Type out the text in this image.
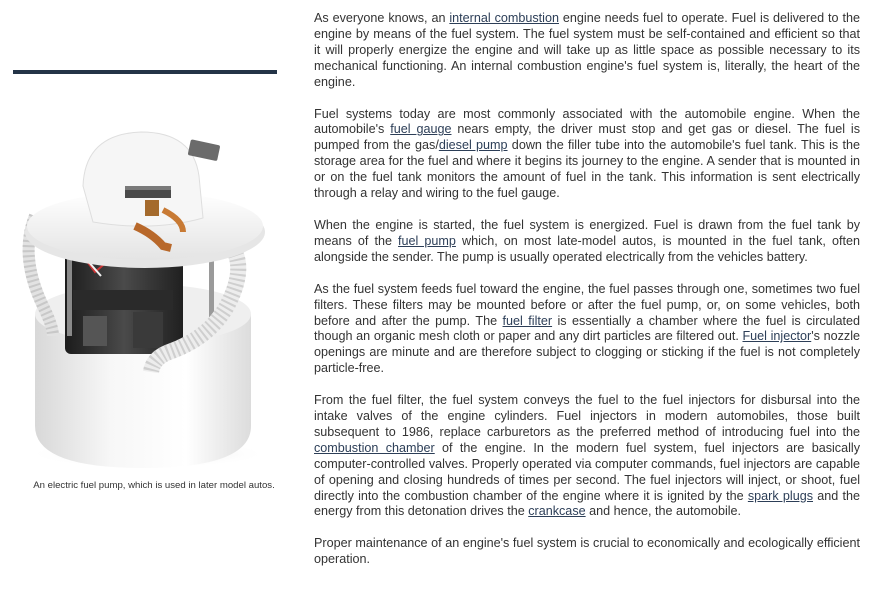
An electric fuel pump, which is used in later model autos.

As everyone knows, an internal combustion engine needs fuel to operate. Fuel is delivered to the engine by means of the fuel system. The fuel system must be self-contained and efficient so that it will properly energize the engine and will take up as little space as possible necessary to its mechanical functioning. An internal combustion engine's fuel system is, literally, the heart of the engine.

Fuel systems today are most commonly associated with the automobile engine. When the automobile's fuel gauge nears empty, the driver must stop and get gas or diesel. The fuel is pumped from the gas/diesel pump down the filler tube into the automobile's fuel tank. This is the storage area for the fuel and where it begins its journey to the engine. A sender that is mounted in or on the fuel tank monitors the amount of fuel in the tank. This information is sent electrically through a relay and wiring to the fuel gauge.

When the engine is started, the fuel system is energized. Fuel is drawn from the fuel tank by means of the fuel pump which, on most late-model autos, is mounted in the fuel tank, often alongside the sender. The pump is usually operated electrically from the vehicles battery.

As the fuel system feeds fuel toward the engine, the fuel passes through one, sometimes two fuel filters. These filters may be mounted before or after the fuel pump, or, on some vehicles, both before and after the pump. The fuel filter is essentially a chamber where the fuel is circulated though an organic mesh cloth or paper and any dirt particles are filtered out. Fuel injector's nozzle openings are minute and are therefore subject to clogging or sticking if the fuel is not completely particle-free.

From the fuel filter, the fuel system conveys the fuel to the fuel injectors for disbursal into the intake valves of the engine cylinders. Fuel injectors in modern automobiles, those built subsequent to 1986, replace carburetors as the preferred method of introducing fuel into the combustion chamber of the engine. In the modern fuel system, fuel injectors are basically computer-controlled valves. Properly operated via computer commands, fuel injectors are capable of opening and closing hundreds of times per second. The fuel injectors will inject, or shoot, fuel directly into the combustion chamber of the engine where it is ignited by the spark plugs and the energy from this detonation drives the crankcase and hence, the automobile.

Proper maintenance of an engine's fuel system is crucial to economically and ecologically efficient operation.
